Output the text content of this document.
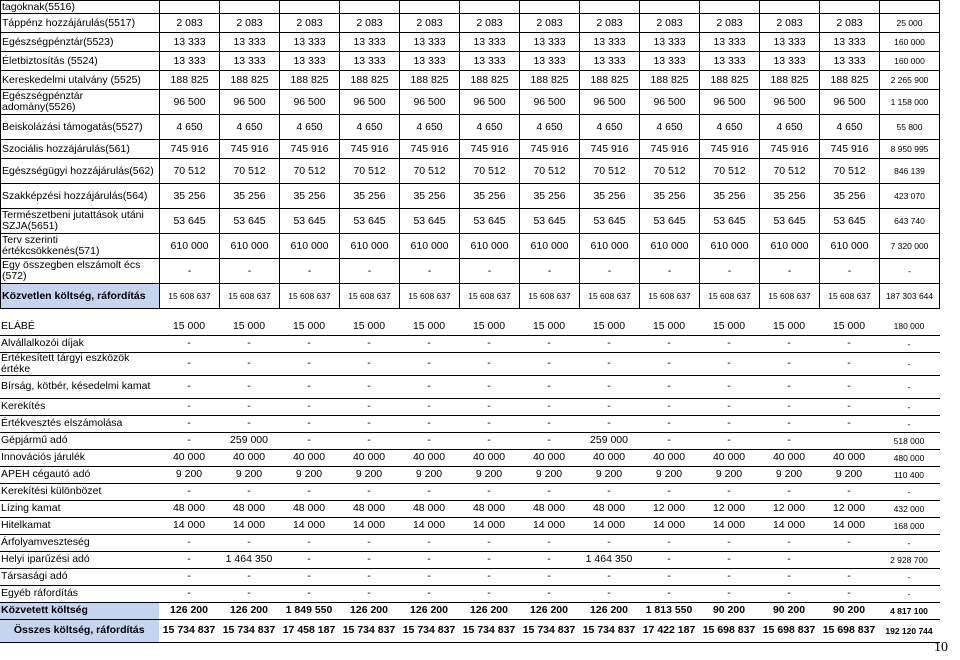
tagoknak(5516)													
Táppénz hozzájárulás(5517)	2 083	2 083	2 083	2 083	2 083	2 083	2 083	2 083	2 083	2 083	2 083	2 083	25 000
Egészségpénztár(5523)	13 333	13 333	13 333	13 333	13 333	13 333	13 333	13 333	13 333	13 333	13 333	13 333	160 000
Életbiztosítás (5524)	13 333	13 333	13 333	13 333	13 333	13 333	13 333	13 333	13 333	13 333	13 333	13 333	160 000
Kereskedelmi utalvány (5525)	188 825	188 825	188 825	188 825	188 825	188 825	188 825	188 825	188 825	188 825	188 825	188 825	2 265 900
Egészségpénztár adomány(5526)	96 500	96 500	96 500	96 500	96 500	96 500	96 500	96 500	96 500	96 500	96 500	96 500	1 158 000
Beiskolázási támogatás(5527)	4 650	4 650	4 650	4 650	4 650	4 650	4 650	4 650	4 650	4 650	4 650	4 650	55 800
Szociális hozzájárulás(561)	745 916	745 916	745 916	745 916	745 916	745 916	745 916	745 916	745 916	745 916	745 916	745 916	8 950 995
Egészségügyi hozzájárulás(562)	70 512	70 512	70 512	70 512	70 512	70 512	70 512	70 512	70 512	70 512	70 512	70 512	846 139
Szakképzési hozzájárulás(564)	35 256	35 256	35 256	35 256	35 256	35 256	35 256	35 256	35 256	35 256	35 256	35 256	423 070
Természetbeni jutattások utáni SZJA(5651)	53 645	53 645	53 645	53 645	53 645	53 645	53 645	53 645	53 645	53 645	53 645	53 645	643 740
Terv szerinti értékcsökkenés(571)	610 000	610 000	610 000	610 000	610 000	610 000	610 000	610 000	610 000	610 000	610 000	610 000	7 320 000
Egy összegben elszámolt écs (572)	-	-	-	-	-	-	-	-	-	-	-	-	-
Közvetlen költség, ráfordítás	15 608 637	15 608 637	15 608 637	15 608 637	15 608 637	15 608 637	15 608 637	15 608 637	15 608 637	15 608 637	15 608 637	15 608 637	187 303 644
ELÁBÉ	15 000	15 000	15 000	15 000	15 000	15 000	15 000	15 000	15 000	15 000	15 000	15 000	180 000
Alvállalkozói díjak	-	-	-	-	-	-	-	-	-	-	-	-	-
Értékesített tárgyi eszközök értéke	-	-	-	-	-	-	-	-	-	-	-	-	-
Bírság, kötbér, késedelmi kamat	-	-	-	-	-	-	-	-	-	-	-	-	-
Kerekítés	-	-	-	-	-	-	-	-	-	-	-	-	-
Értékvesztés elszámolása	-	-	-	-	-	-	-	-	-	-	-	-	-
Gépjármű adó	-	259 000	-	-	-	-	-	259 000	-	-	-		518 000
Innovációs járulék	40 000	40 000	40 000	40 000	40 000	40 000	40 000	40 000	40 000	40 000	40 000	40 000	480 000
APEH cégautó adó	9 200	9 200	9 200	9 200	9 200	9 200	9 200	9 200	9 200	9 200	9 200	9 200	110 400
Kerekítési különbözet	-	-	-	-	-	-	-	-	-	-	-	-	-
Lízing kamat	48 000	48 000	48 000	48 000	48 000	48 000	48 000	48 000	12 000	12 000	12 000	12 000	432 000
Hitelkamat	14 000	14 000	14 000	14 000	14 000	14 000	14 000	14 000	14 000	14 000	14 000	14 000	168 000
Árfolyamveszteség	-	-	-	-	-	-	-	-	-	-	-	-	-
Helyi iparűzési adó	-	1 464 350	-	-	-	-	-	1 464 350	-	-	-		2 928 700
Társasági adó	-	-	-	-	-	-	-	-	-	-	-	-	-
Egyéb ráfordítás	-	-	-	-	-	-	-	-	-	-	-	-	-
Közvetett költség	126 200	126 200	1 849 550	126 200	126 200	126 200	126 200	126 200	1 813 550	90 200	90 200	90 200	4 817 100
Összes költség, ráfordítás	15 734 837	15 734 837	17 458 187	15 734 837	15 734 837	15 734 837	15 734 837	15 734 837	17 422 187	15 698 837	15 698 837	15 698 837	192 120 744
10
